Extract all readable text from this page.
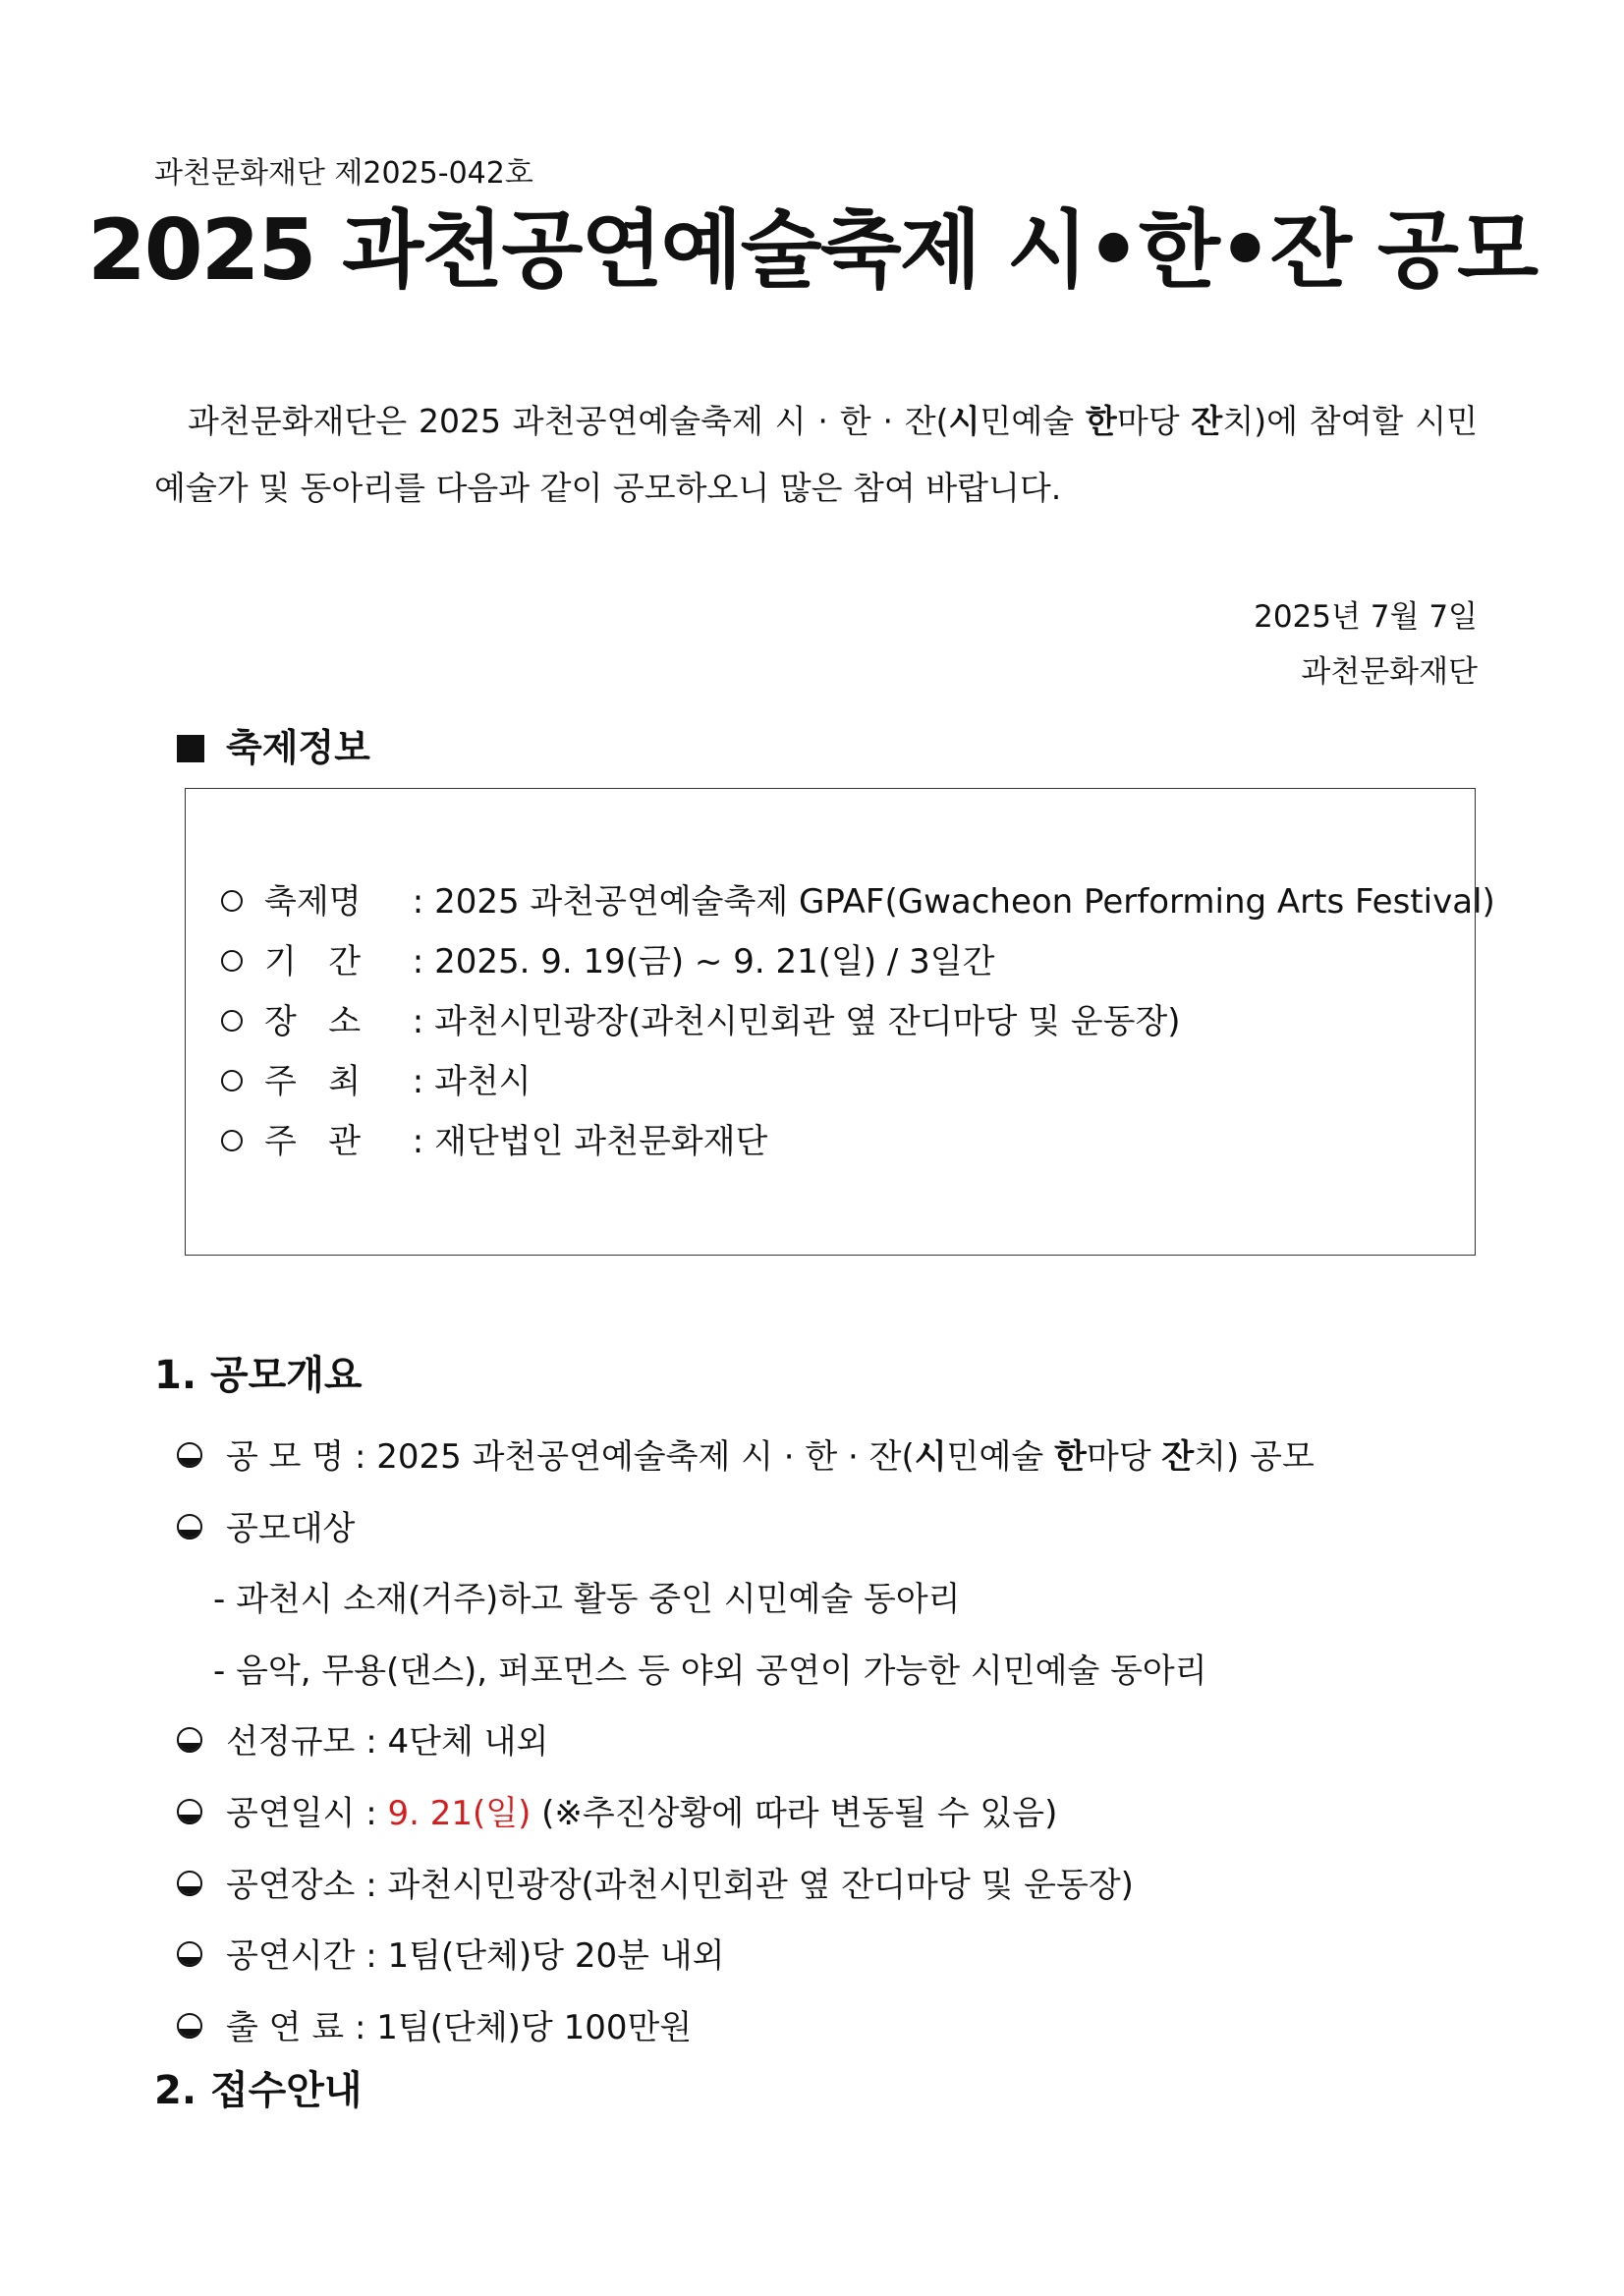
과천문화재단 제2025-042호
2025 과천공연예술축제 시•한•잔 공모

과천문화재단은 2025 과천공연예술축제 시 · 한 · 잔(시민예술 한마당 잔치)에 참여할 시민예술가 및 동아리를 다음과 같이 공모하오니 많은 참여 바랍니다.

2025년 7월 7일
과천문화재단
축제정보
축제명 : 2025 과천공연예술축제 GPAF(Gwacheon Performing Arts Festival)
기   간 : 2025. 9. 19(금) ~ 9. 21(일) / 3일간
장   소 : 과천시민광장(과천시민회관 옆 잔디마당 및 운동장)
주   최 : 과천시
주   관 : 재단법인 과천문화재단
1. 공모개요
공 모 명 : 2025 과천공연예술축제 시 · 한 · 잔(시민예술 한마당 잔치) 공모
공모대상
- 과천시 소재(거주)하고 활동 중인 시민예술 동아리
- 음악, 무용(댄스), 퍼포먼스 등 야외 공연이 가능한 시민예술 동아리
선정규모 : 4단체 내외
공연일시 : 9. 21(일) (※추진상황에 따라 변동될 수 있음)
공연장소 : 과천시민광장(과천시민회관 옆 잔디마당 및 운동장)
공연시간 : 1팀(단체)당 20분 내외
출 연 료 : 1팀(단체)당 100만원
2. 접수안내
